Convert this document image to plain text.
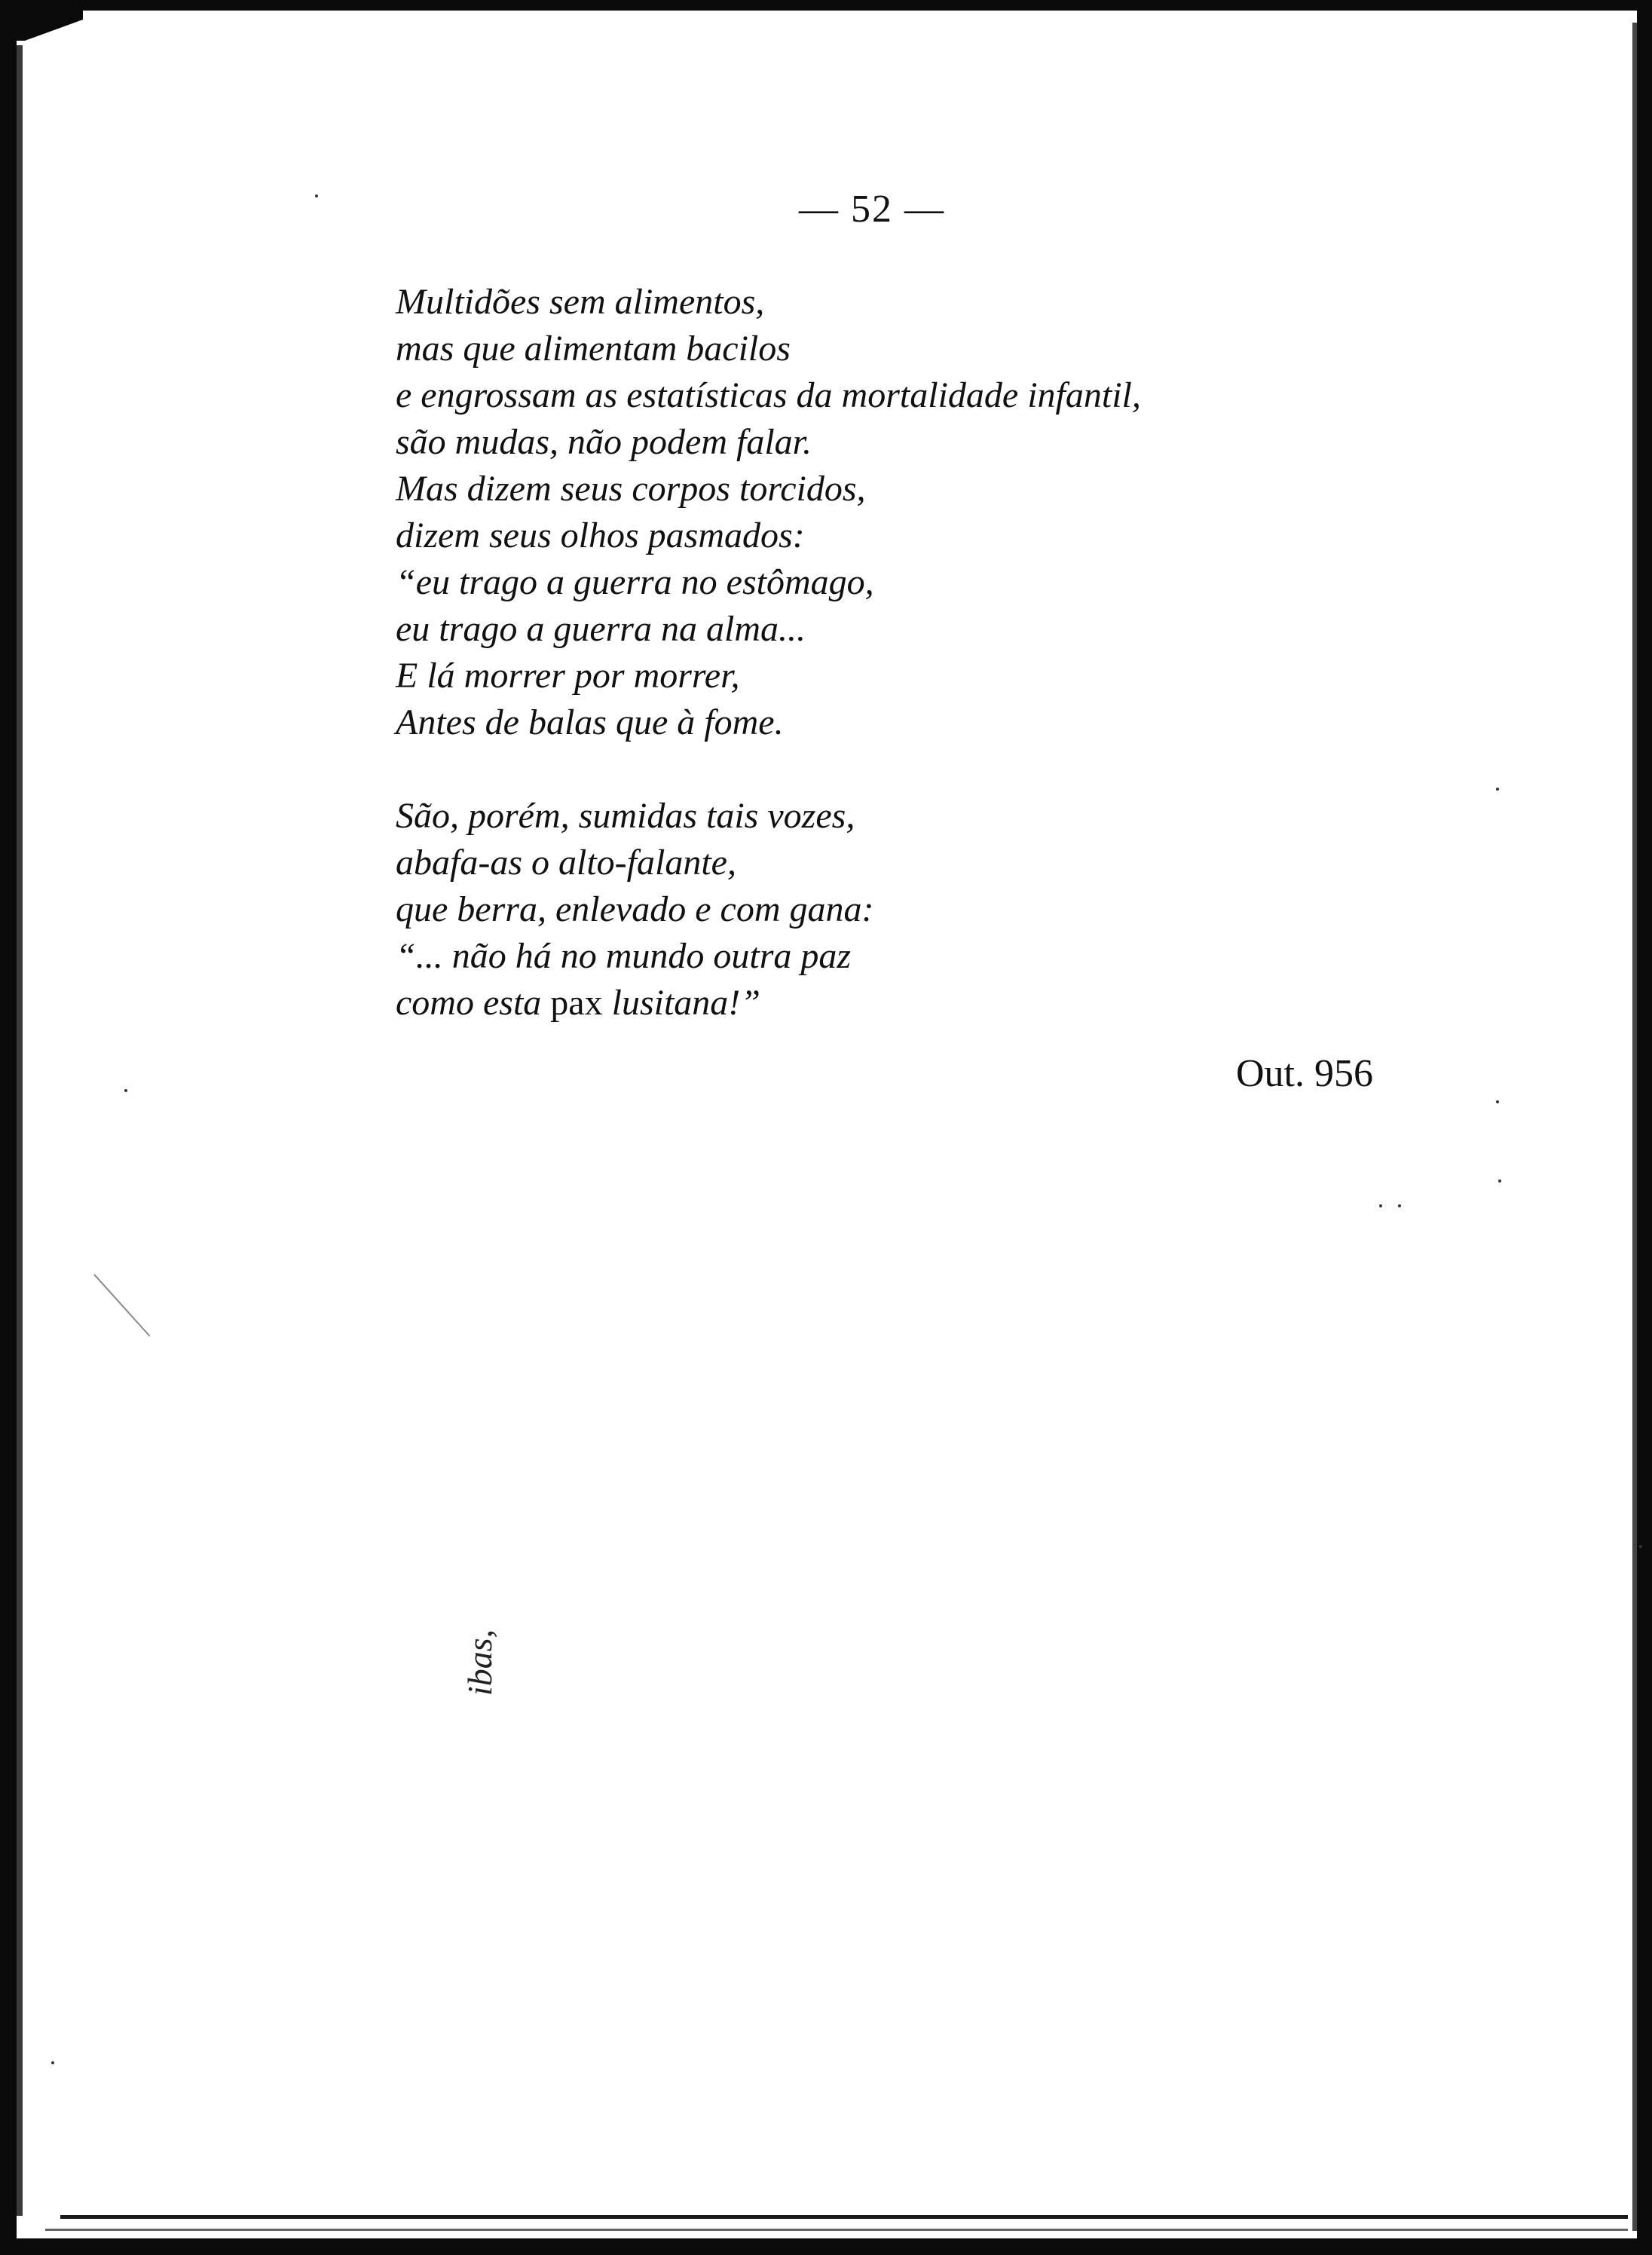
— 52 —

Multidões sem alimentos,
mas que alimentam bacilos
e engrossam as estatísticas da mortalidade infantil,
são mudas, não podem falar.
Mas dizem seus corpos torcidos,
dizem seus olhos pasmados:
“eu trago a guerra no estômago,
eu trago a guerra na alma...
E lá morrer por morrer,
Antes de balas que à fome.

São, porém, sumidas tais vozes,
abafa-as o alto-falante,
que berra, enlevado e com gana:
“... não há no mundo outra paz
como esta pax lusitana!”

Out. 956
ibas,
